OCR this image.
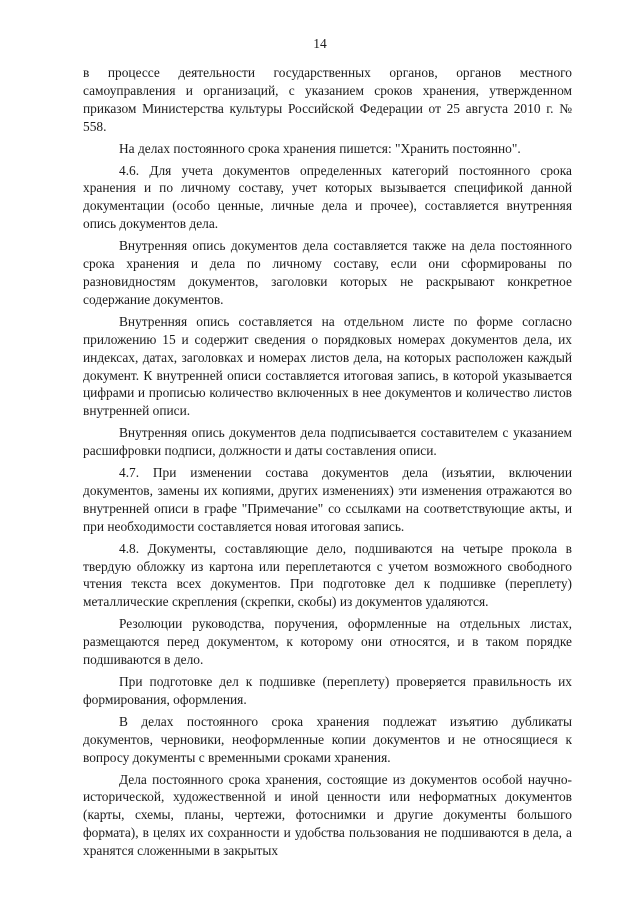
14

в процессе деятельности государственных органов, органов местного самоуправления и организаций, с указанием сроков хранения, утвержденном приказом Министерства культуры Российской Федерации от 25 августа 2010 г. № 558.

На делах постоянного срока хранения пишется: "Хранить постоянно".

4.6. Для учета документов определенных категорий постоянного срока хранения и по личному составу, учет которых вызывается спецификой данной документации (особо ценные, личные дела и прочее), составляется внутренняя опись документов дела.

Внутренняя опись документов дела составляется также на дела постоянного срока хранения и дела по личному составу, если они сформированы по разновидностям документов, заголовки которых не раскрывают конкретное содержание документов.

Внутренняя опись составляется на отдельном листе по форме согласно приложению 15 и содержит сведения о порядковых номерах документов дела, их индексах, датах, заголовках и номерах листов дела, на которых расположен каждый документ. К внутренней описи составляется итоговая запись, в которой указывается цифрами и прописью количество включенных в нее документов и количество листов внутренней описи.

Внутренняя опись документов дела подписывается составителем с указанием расшифровки подписи, должности и даты составления описи.

4.7. При изменении состава документов дела (изъятии, включении документов, замены их копиями, других изменениях) эти изменения отражаются во внутренней описи в графе "Примечание" со ссылками на соответствующие акты, и при необходимости составляется новая итоговая запись.

4.8. Документы, составляющие дело, подшиваются на четыре прокола в твердую обложку из картона или переплетаются с учетом возможного свободного чтения текста всех документов. При подготовке дел к подшивке (переплету) металлические скрепления (скрепки, скобы) из документов удаляются.

Резолюции руководства, поручения, оформленные на отдельных листах, размещаются перед документом, к которому они относятся, и в таком порядке подшиваются в дело.

При подготовке дел к подшивке (переплету) проверяется правильность их формирования, оформления.

В делах постоянного срока хранения подлежат изъятию дубликаты документов, черновики, неоформленные копии документов и не относящиеся к вопросу документы с временными сроками хранения.

Дела постоянного срока хранения, состоящие из документов особой научно-исторической, художественной и иной ценности или неформатных документов (карты, схемы, планы, чертежи, фотоснимки и другие документы большого формата), в целях их сохранности и удобства пользования не подшиваются в дела, а хранятся сложенными в закрытых
